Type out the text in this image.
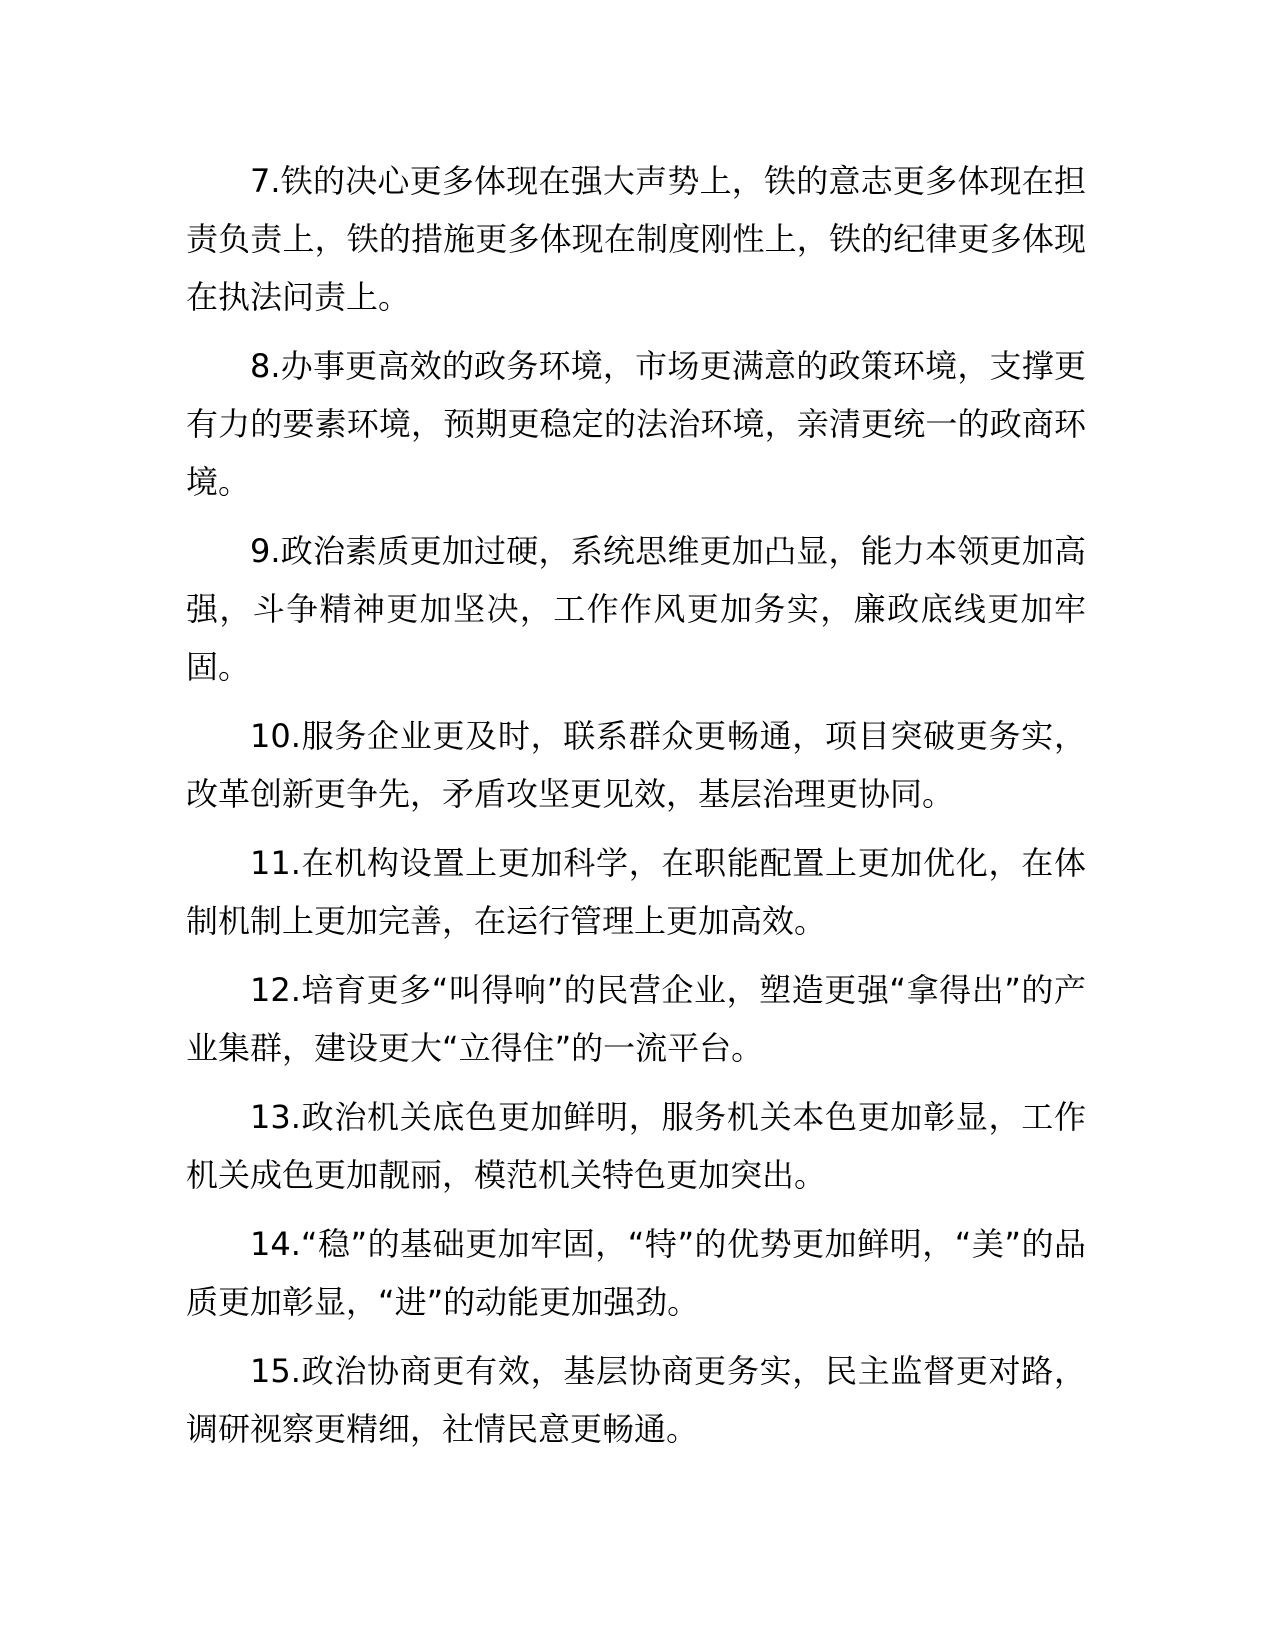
7.铁的决心更多体现在强大声势上，铁的意志更多体现在担责负责上，铁的措施更多体现在制度刚性上，铁的纪律更多体现在执法问责上。

8.办事更高效的政务环境，市场更满意的政策环境，支撑更有力的要素环境，预期更稳定的法治环境，亲清更统一的政商环境。

9.政治素质更加过硬，系统思维更加凸显，能力本领更加高强，斗争精神更加坚决，工作作风更加务实，廉政底线更加牢固。

10.服务企业更及时，联系群众更畅通，项目突破更务实，改革创新更争先，矛盾攻坚更见效，基层治理更协同。

11.在机构设置上更加科学，在职能配置上更加优化，在体制机制上更加完善，在运行管理上更加高效。

12.培育更多“叫得响”的民营企业，塑造更强“拿得出”的产业集群，建设更大“立得住”的一流平台。

13.政治机关底色更加鲜明，服务机关本色更加彰显，工作机关成色更加靓丽，模范机关特色更加突出。

14.“稳”的基础更加牢固，“特”的优势更加鲜明，“美”的品质更加彰显，“进”的动能更加强劲。

15.政治协商更有效，基层协商更务实，民主监督更对路，调研视察更精细，社情民意更畅通。
